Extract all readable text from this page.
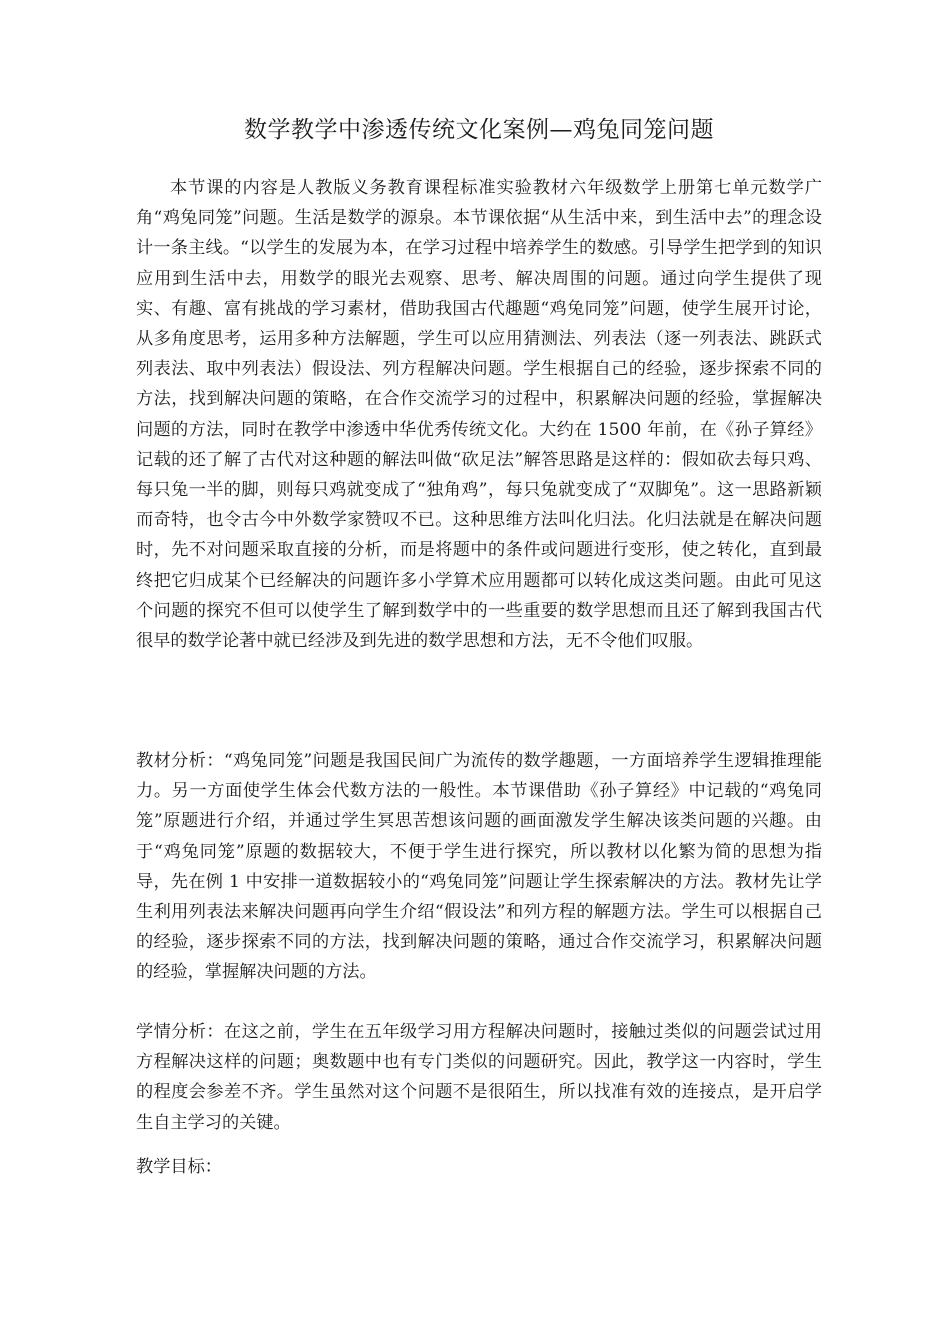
数学教学中渗透传统文化案例—鸡兔同笼问题

本节课的内容是人教版义务教育课程标准实验教材六年级数学上册第七单元数学广角“鸡兔同笼”问题。生活是数学的源泉。本节课依据“从生活中来，到生活中去”的理念设计一条主线。“以学生的发展为本，在学习过程中培养学生的数感。引导学生把学到的知识应用到生活中去，用数学的眼光去观察、思考、解决周围的问题。通过向学生提供了现实、有趣、富有挑战的学习素材，借助我国古代趣题“鸡兔同笼”问题，使学生展开讨论，从多角度思考，运用多种方法解题，学生可以应用猜测法、列表法（逐一列表法、跳跃式列表法、取中列表法）假设法、列方程解决问题。学生根据自己的经验，逐步探索不同的方法，找到解决问题的策略，在合作交流学习的过程中，积累解决问题的经验，掌握解决问题的方法，同时在教学中渗透中华优秀传统文化。大约在 1500 年前，在《孙子算经》记载的还了解了古代对这种题的解法叫做“砍足法”解答思路是这样的：假如砍去每只鸡、每只兔一半的脚，则每只鸡就变成了“独角鸡”，每只兔就变成了“双脚兔”。这一思路新颖而奇特，也令古今中外数学家赞叹不已。这种思维方法叫化归法。化归法就是在解决问题时，先不对问题采取直接的分析，而是将题中的条件或问题进行变形，使之转化，直到最终把它归成某个已经解决的问题许多小学算术应用题都可以转化成这类问题。由此可见这个问题的探究不但可以使学生了解到数学中的一些重要的数学思想而且还了解到我国古代很早的数学论著中就已经涉及到先进的数学思想和方法，无不令他们叹服。

教材分析：“鸡兔同笼”问题是我国民间广为流传的数学趣题，一方面培养学生逻辑推理能力。另一方面使学生体会代数方法的一般性。本节课借助《孙子算经》中记载的“鸡兔同笼”原题进行介绍，并通过学生冥思苦想该问题的画面激发学生解决该类问题的兴趣。由于“鸡兔同笼”原题的数据较大，不便于学生进行探究，所以教材以化繁为简的思想为指导，先在例 1 中安排一道数据较小的“鸡兔同笼”问题让学生探索解决的方法。教材先让学生利用列表法来解决问题再向学生介绍“假设法”和列方程的解题方法。学生可以根据自己的经验，逐步探索不同的方法，找到解决问题的策略，通过合作交流学习，积累解决问题的经验，掌握解决问题的方法。

学情分析：在这之前，学生在五年级学习用方程解决问题时，接触过类似的问题尝试过用方程解决这样的问题；奥数题中也有专门类似的问题研究。因此，教学这一内容时，学生的程度会参差不齐。学生虽然对这个问题不是很陌生，所以找准有效的连接点，是开启学生自主学习的关键。

教学目标：
